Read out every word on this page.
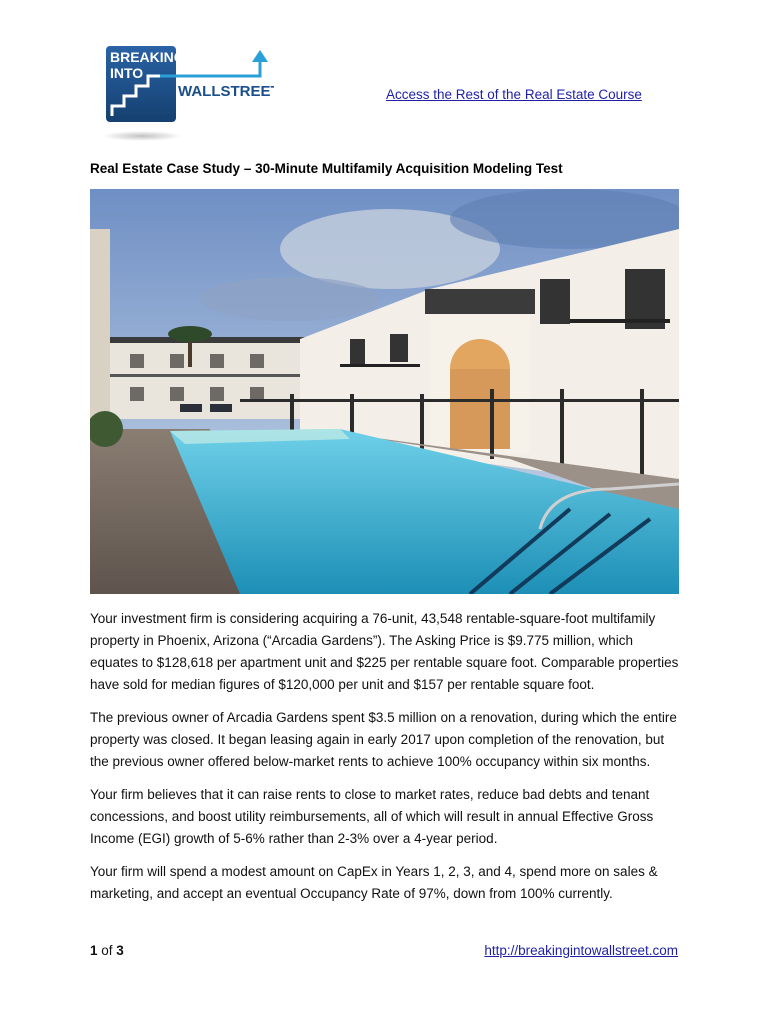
BREAKING
INTO
WALLSTREET	Access the Rest of the Real Estate Course
Real Estate Case Study – 30-Minute Multifamily Acquisition Modeling Test

Your investment firm is considering acquiring a 76-unit, 43,548 rentable-square-foot multifamily property in Phoenix, Arizona (“Arcadia Gardens”). The Asking Price is $9.775 million, which equates to $128,618 per apartment unit and $225 per rentable square foot. Comparable properties have sold for median figures of $120,000 per unit and $157 per rentable square foot.

The previous owner of Arcadia Gardens spent $3.5 million on a renovation, during which the entire property was closed. It began leasing again in early 2017 upon completion of the renovation, but the previous owner offered below-market rents to achieve 100% occupancy within six months.

Your firm believes that it can raise rents to close to market rates, reduce bad debts and tenant concessions, and boost utility reimbursements, all of which will result in annual Effective Gross Income (EGI) growth of 5-6% rather than 2-3% over a 4-year period.

Your firm will spend a modest amount on CapEx in Years 1, 2, 3, and 4, spend more on sales & marketing, and accept an eventual Occupancy Rate of 97%, down from 100% currently.

1 of 3	http://breakingintowallstreet.com
